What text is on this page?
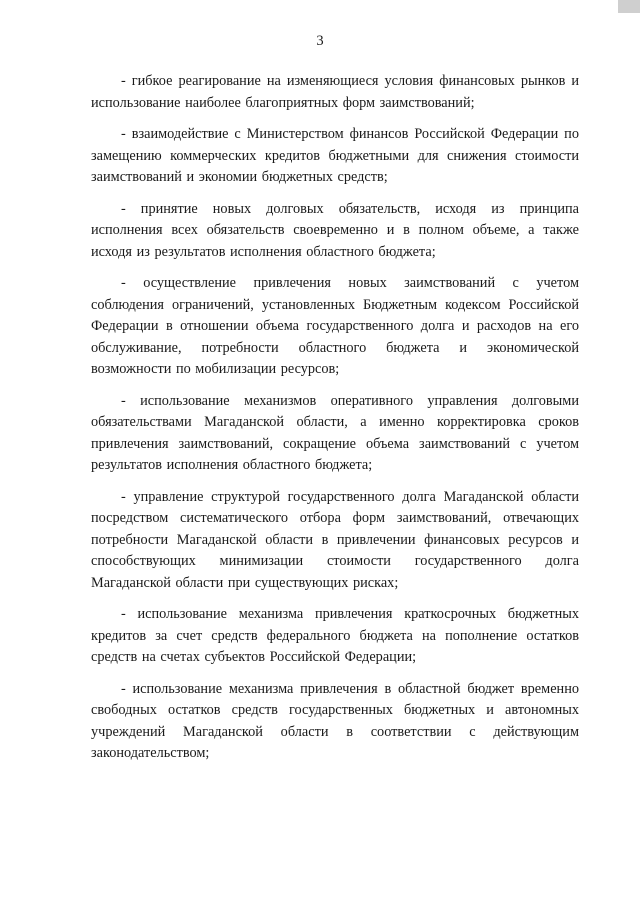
3

- гибкое реагирование на изменяющиеся условия финансовых рынков и использование наиболее благоприятных форм заимствований;

- взаимодействие с Министерством финансов Российской Федерации по замещению коммерческих кредитов бюджетными для снижения стоимости заимствований и экономии бюджетных средств;

- принятие новых долговых обязательств, исходя из принципа исполнения всех обязательств своевременно и в полном объеме, а также исходя из результатов исполнения областного бюджета;

- осуществление привлечения новых заимствований с учетом соблюдения ограничений, установленных Бюджетным кодексом Российской Федерации в отношении объема государственного долга и расходов на его обслуживание, потребности областного бюджета и экономической возможности по мобилизации ресурсов;

- использование механизмов оперативного управления долговыми обязательствами Магаданской области, а именно корректировка сроков привлечения заимствований, сокращение объема заимствований с учетом результатов исполнения областного бюджета;

- управление структурой государственного долга Магаданской области посредством систематического отбора форм заимствований, отвечающих потребности Магаданской области в привлечении финансовых ресурсов и способствующих минимизации стоимости государственного долга Магаданской области при существующих рисках;

- использование механизма привлечения краткосрочных бюджетных кредитов за счет средств федерального бюджета на пополнение остатков средств на счетах субъектов Российской Федерации;

- использование механизма привлечения в областной бюджет временно свободных остатков средств государственных бюджетных и автономных учреждений Магаданской области в соответствии с действующим законодательством;
